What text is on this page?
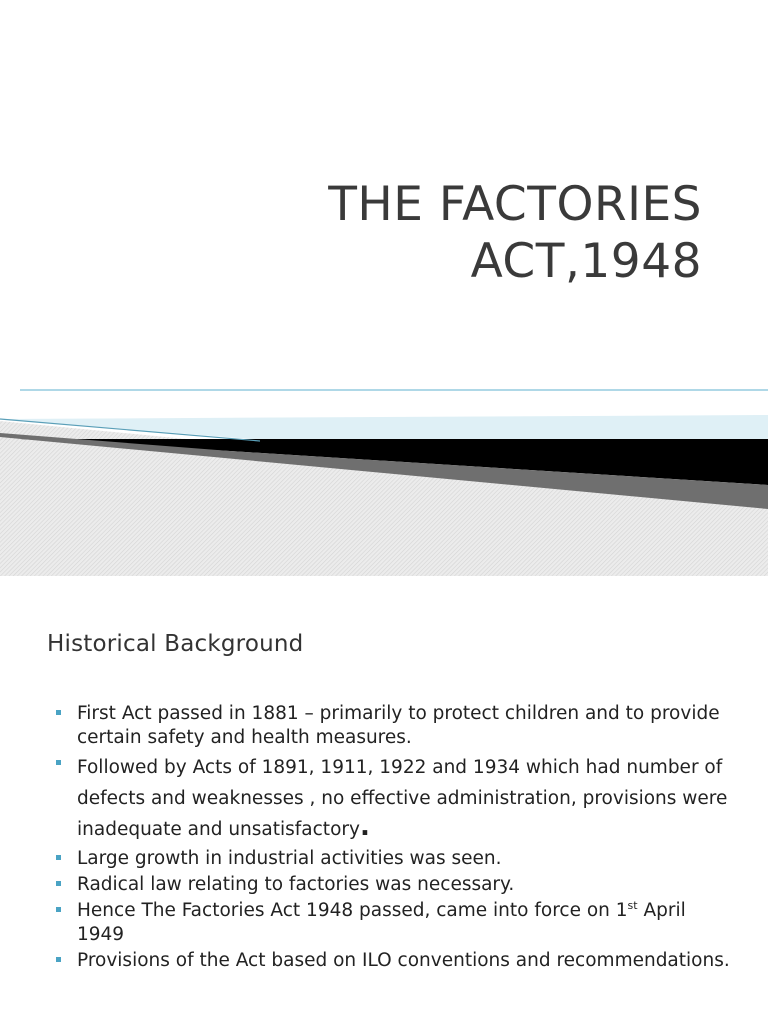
THE FACTORIES
ACT,1948
Historical Background
First Act passed in 1881 – primarily to protect children and to provide certain safety and health measures.
Followed by Acts of 1891, 1911, 1922 and 1934 which had number of defects and weaknesses , no effective administration, provisions were inadequate and unsatisfactory.
Large growth in industrial activities was seen.
Radical law relating to factories was necessary.
Hence The Factories Act 1948 passed, came into force on 1st April 1949
Provisions of the Act based on ILO conventions and recommendations.
